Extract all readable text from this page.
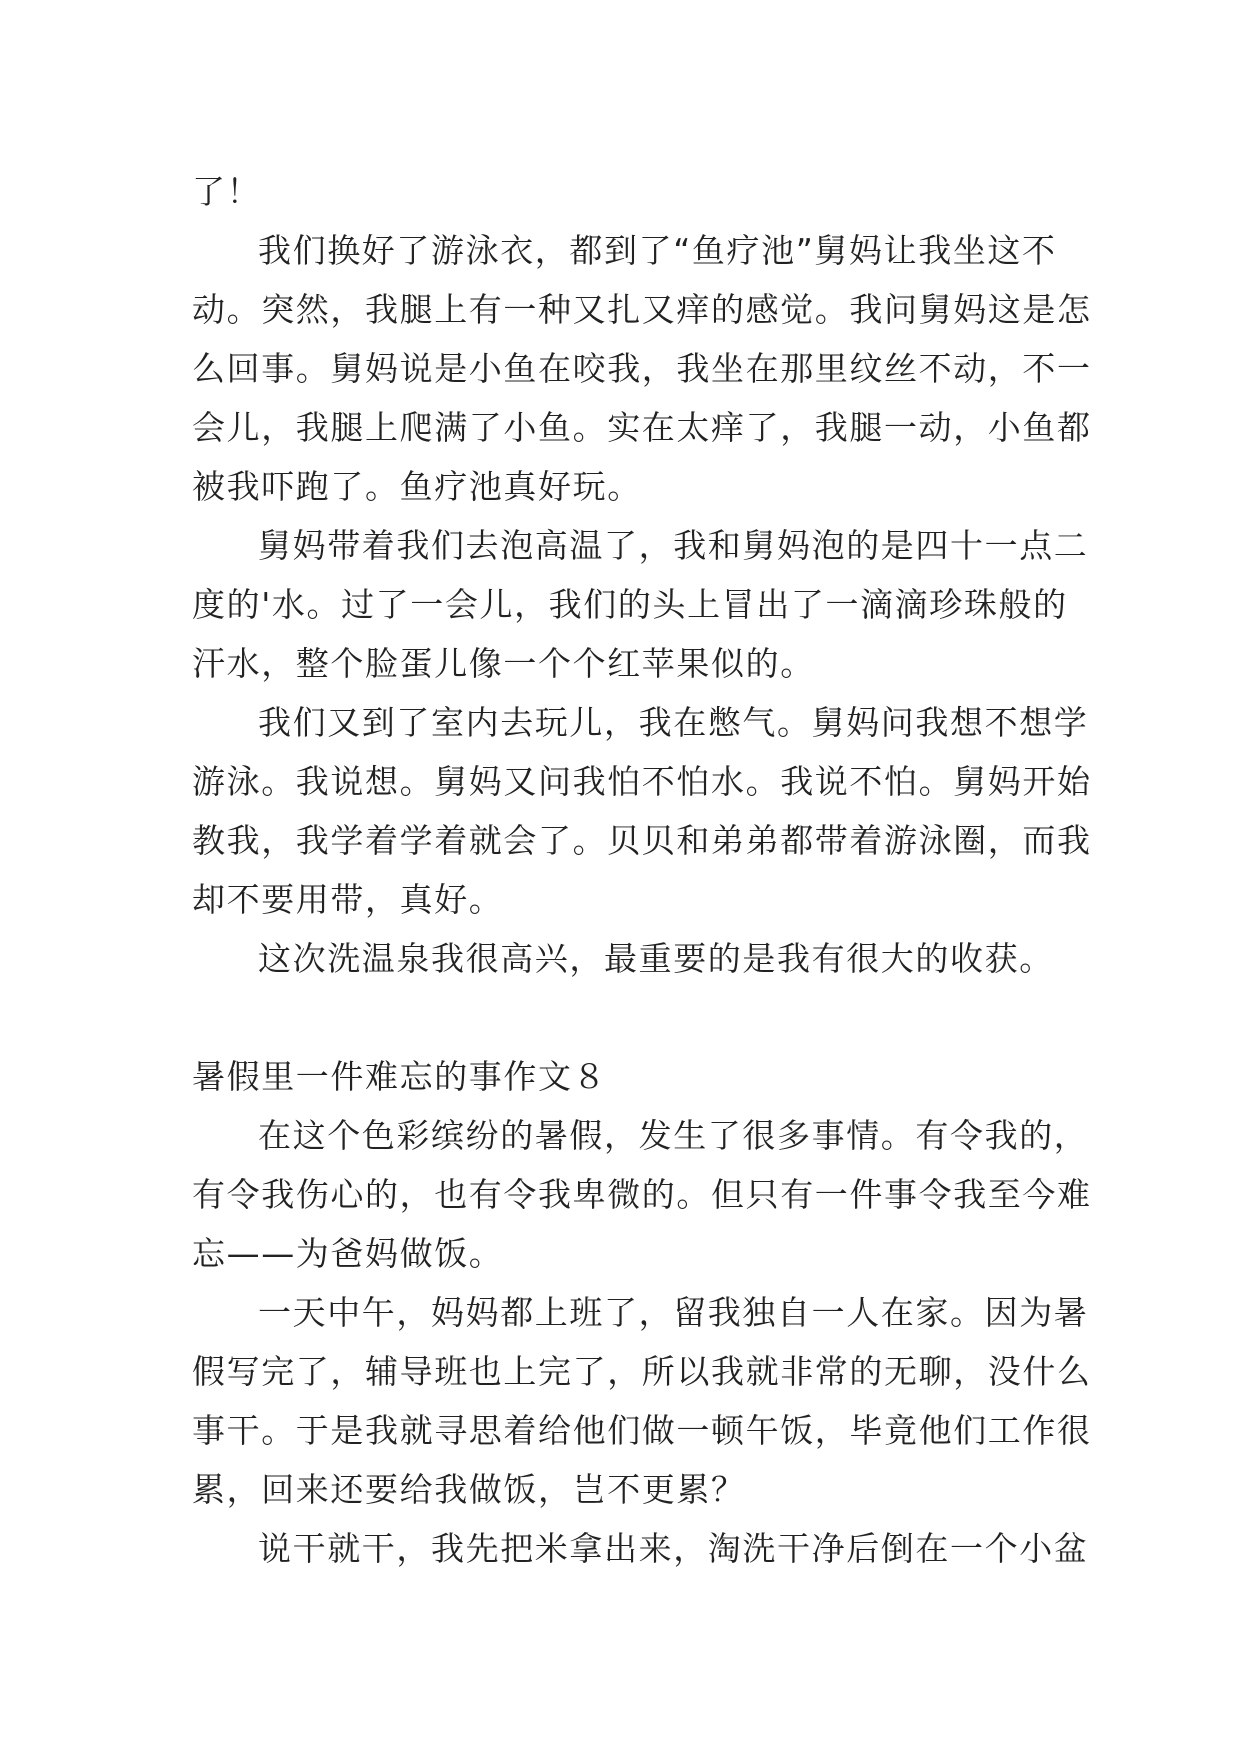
了！
我们换好了游泳衣，都到了“鱼疗池”舅妈让我坐这不
动。突然，我腿上有一种又扎又痒的感觉。我问舅妈这是怎
么回事。舅妈说是小鱼在咬我，我坐在那里纹丝不动，不一
会儿，我腿上爬满了小鱼。实在太痒了，我腿一动，小鱼都
被我吓跑了。鱼疗池真好玩。
舅妈带着我们去泡高温了，我和舅妈泡的是四十一点二
度的'水。过了一会儿，我们的头上冒出了一滴滴珍珠般的
汗水，整个脸蛋儿像一个个红苹果似的。
我们又到了室内去玩儿，我在憋气。舅妈问我想不想学
游泳。我说想。舅妈又问我怕不怕水。我说不怕。舅妈开始
教我，我学着学着就会了。贝贝和弟弟都带着游泳圈，而我
却不要用带，真好。
这次洗温泉我很高兴，最重要的是我有很大的收获。
暑假里一件难忘的事作文８
在这个色彩缤纷的暑假，发生了很多事情。有令我的，
有令我伤心的，也有令我卑微的。但只有一件事令我至今难
忘——为爸妈做饭。
一天中午，妈妈都上班了，留我独自一人在家。因为暑
假写完了，辅导班也上完了，所以我就非常的无聊，没什么
事干。于是我就寻思着给他们做一顿午饭，毕竟他们工作很
累，回来还要给我做饭，岂不更累？
说干就干，我先把米拿出来，淘洗干净后倒在一个小盆
